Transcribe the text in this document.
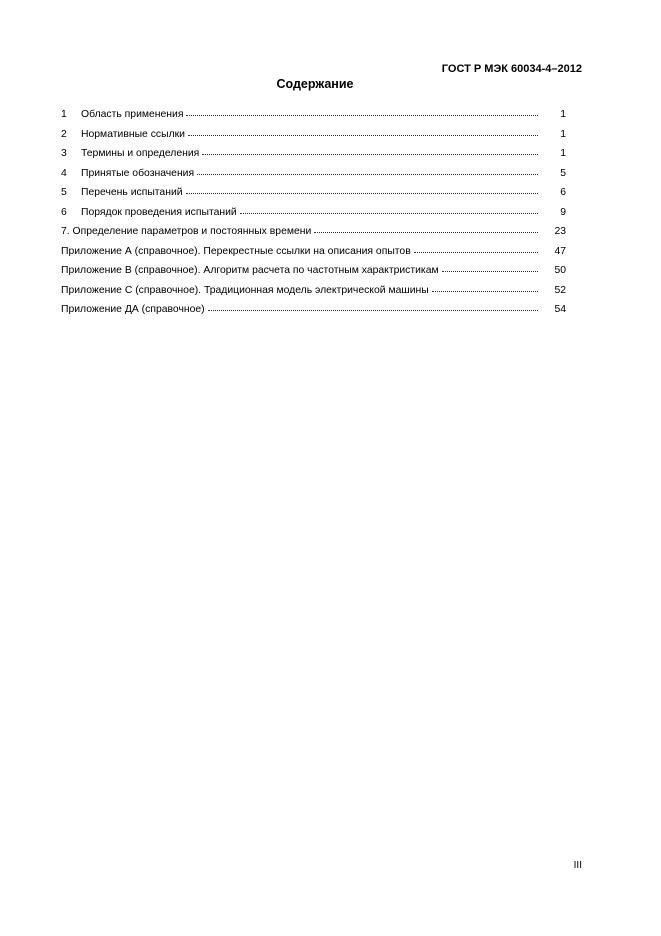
ГОСТ Р МЭК 60034-4–2012
Содержание
1	Область применения	1
2	Нормативные ссылки	1
3	Термины и определения	1
4	Принятые обозначения	5
5	Перечень испытаний	6
6	Порядок проведения испытаний	9
7. Определение параметров и постоянных времени	23
Приложение А (справочное). Перекрестные ссылки на описания опытов	47
Приложение В (справочное). Алгоритм расчета по частотным характристикам	50
Приложение С (справочное). Традиционная модель электрической машины	52
Приложение ДА (справочное)	54
III
